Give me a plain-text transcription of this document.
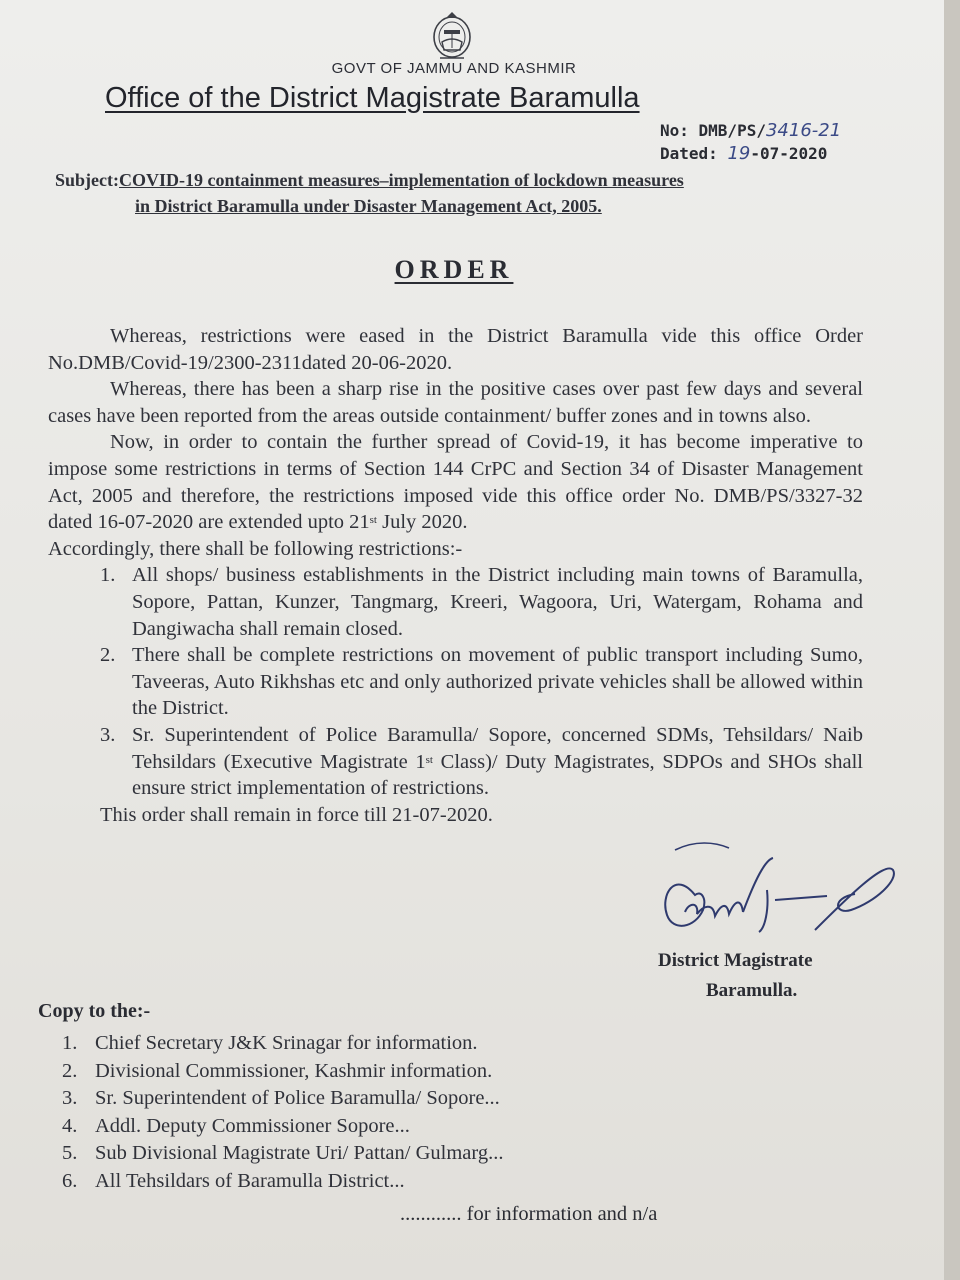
GOVT OF JAMMU AND KASHMIR
Office of the District Magistrate Baramulla
No: DMB/PS/3416-21
Dated: 19-07-2020
Subject:COVID-19 containment measures–implementation of lockdown measures
in District Baramulla under Disaster Management Act, 2005.
ORDER

Whereas, restrictions were eased in the District Baramulla vide this office Order No.DMB/Covid-19/2300-2311dated 20-06-2020.

Whereas, there has been a sharp rise in the positive cases over past few days and several cases have been reported from the areas outside containment/ buffer zones and in towns also.

Now, in order to contain the further spread of Covid-19, it has become imperative to impose some restrictions in terms of Section 144 CrPC and Section 34 of Disaster Management Act, 2005 and therefore, the restrictions imposed vide this office order No. DMB/PS/3327-32 dated 16-07-2020 are extended upto 21st July 2020.

Accordingly, there shall be following restrictions:-

1. All shops/ business establishments in the District including main towns of Baramulla, Sopore, Pattan, Kunzer, Tangmarg, Kreeri, Wagoora, Uri, Watergam, Rohama and Dangiwacha shall remain closed.
2. There shall be complete restrictions on movement of public transport including Sumo, Taveeras, Auto Rikhshas etc and only authorized private vehicles shall be allowed within the District.
3. Sr. Superintendent of Police Baramulla/ Sopore, concerned SDMs, Tehsildars/ Naib Tehsildars (Executive Magistrate 1st Class)/ Duty Magistrates, SDPOs and SHOs shall ensure strict implementation of restrictions.

This order shall remain in force till 21-07-2020.

District Magistrate
Baramulla.
Copy to the:-
1. Chief Secretary J&K Srinagar for information.
2. Divisional Commissioner, Kashmir information.
3. Sr. Superintendent of Police Baramulla/ Sopore...
4. Addl. Deputy Commissioner Sopore...
5. Sub Divisional Magistrate Uri/ Pattan/ Gulmarg...
6. All Tehsildars of Baramulla District...
............ for information and n/a
